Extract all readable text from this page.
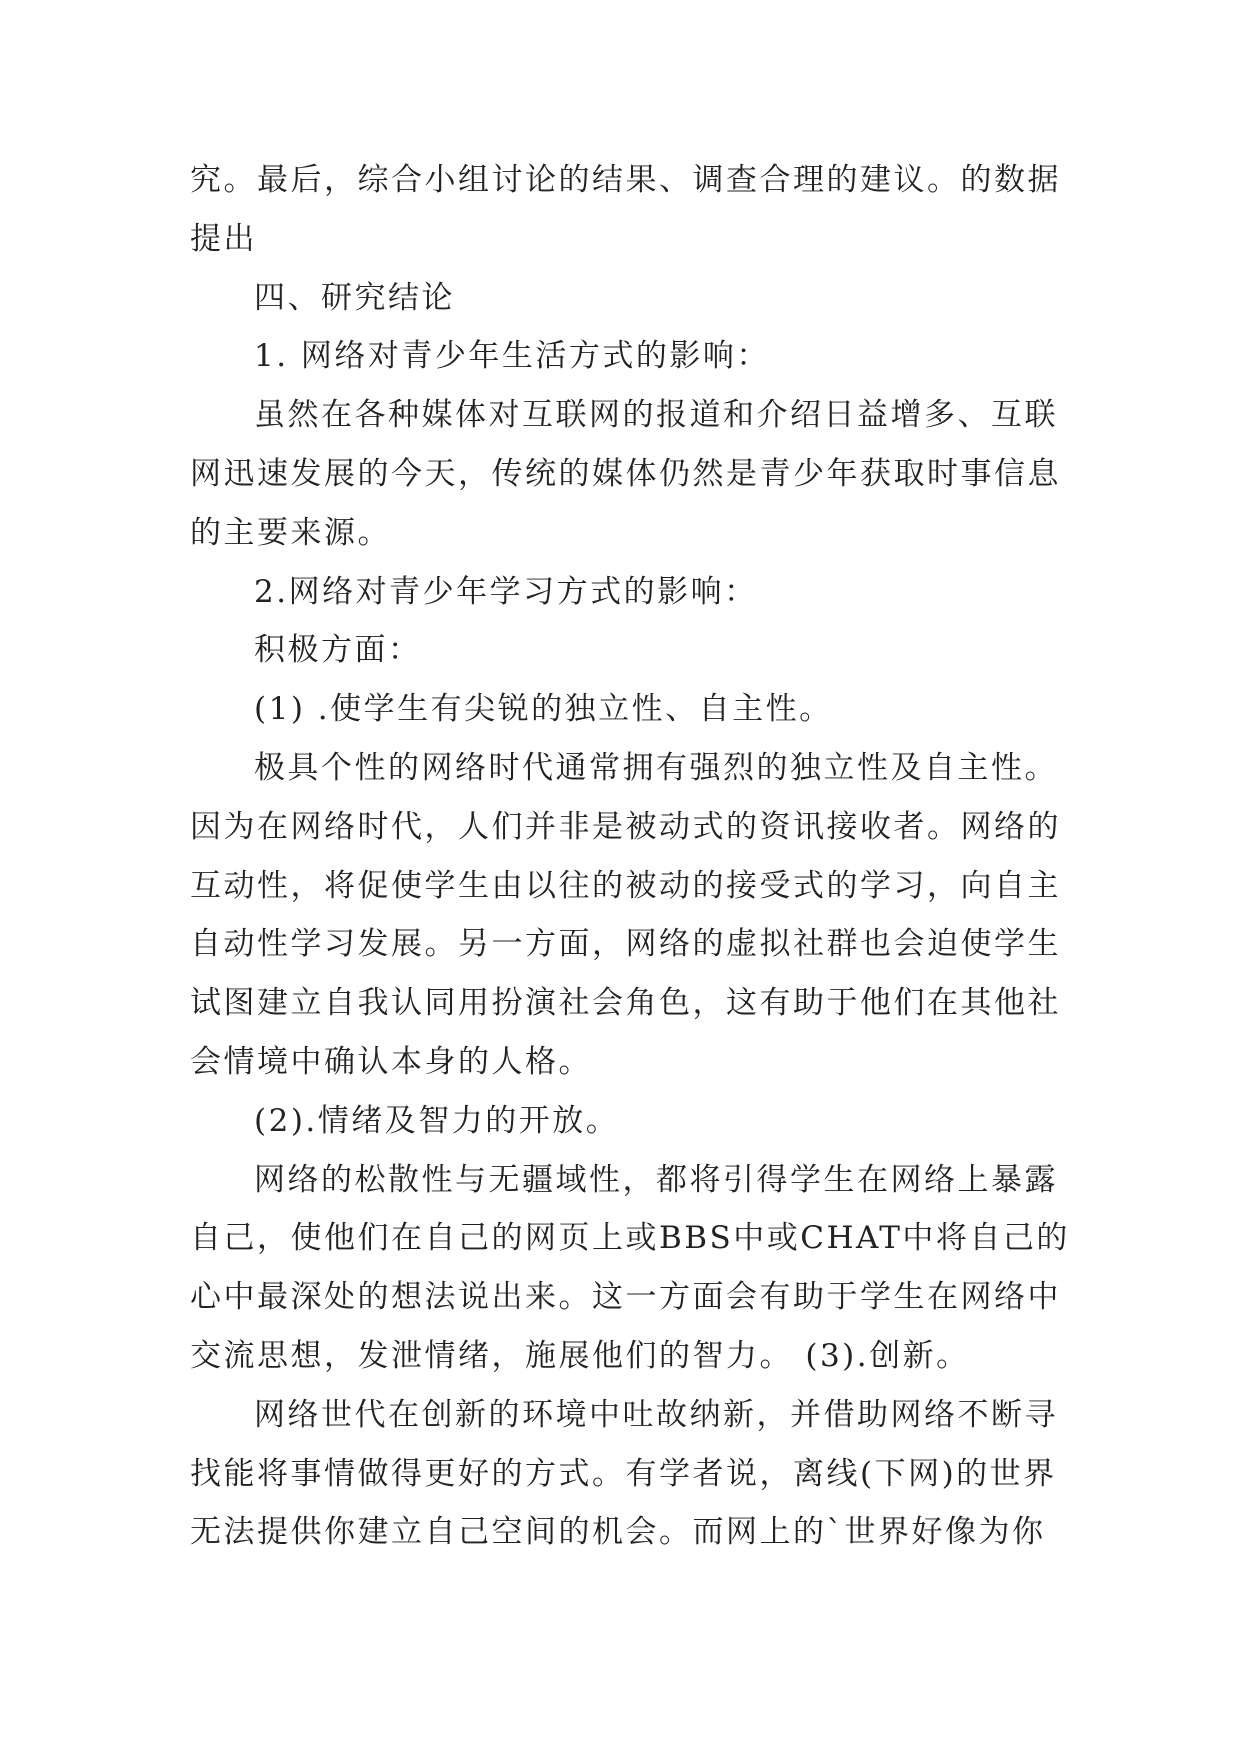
究。最后，综合小组讨论的结果、调查合理的建议。的数据

提出

四、研究结论

1. 网络对青少年生活方式的影响：

虽然在各种媒体对互联网的报道和介绍日益增多、互联

网迅速发展的今天，传统的媒体仍然是青少年获取时事信息

的主要来源。

2.网络对青少年学习方式的影响：

积极方面：

(1) .使学生有尖锐的独立性、自主性。

极具个性的网络时代通常拥有强烈的独立性及自主性。

因为在网络时代，人们并非是被动式的资讯接收者。网络的

互动性，将促使学生由以往的被动的接受式的学习，向自主

自动性学习发展。另一方面，网络的虚拟社群也会迫使学生

试图建立自我认同用扮演社会角色，这有助于他们在其他社

会情境中确认本身的人格。

(2).情绪及智力的开放。

网络的松散性与无疆域性，都将引得学生在网络上暴露

自己，使他们在自己的网页上或BBS中或CHAT中将自己的

心中最深处的想法说出来。这一方面会有助于学生在网络中

交流思想，发泄情绪，施展他们的智力。 (3).创新。

网络世代在创新的环境中吐故纳新，并借助网络不断寻

找能将事情做得更好的方式。有学者说，离线(下网)的世界

无法提供你建立自己空间的机会。而网上的`世界好像为你
